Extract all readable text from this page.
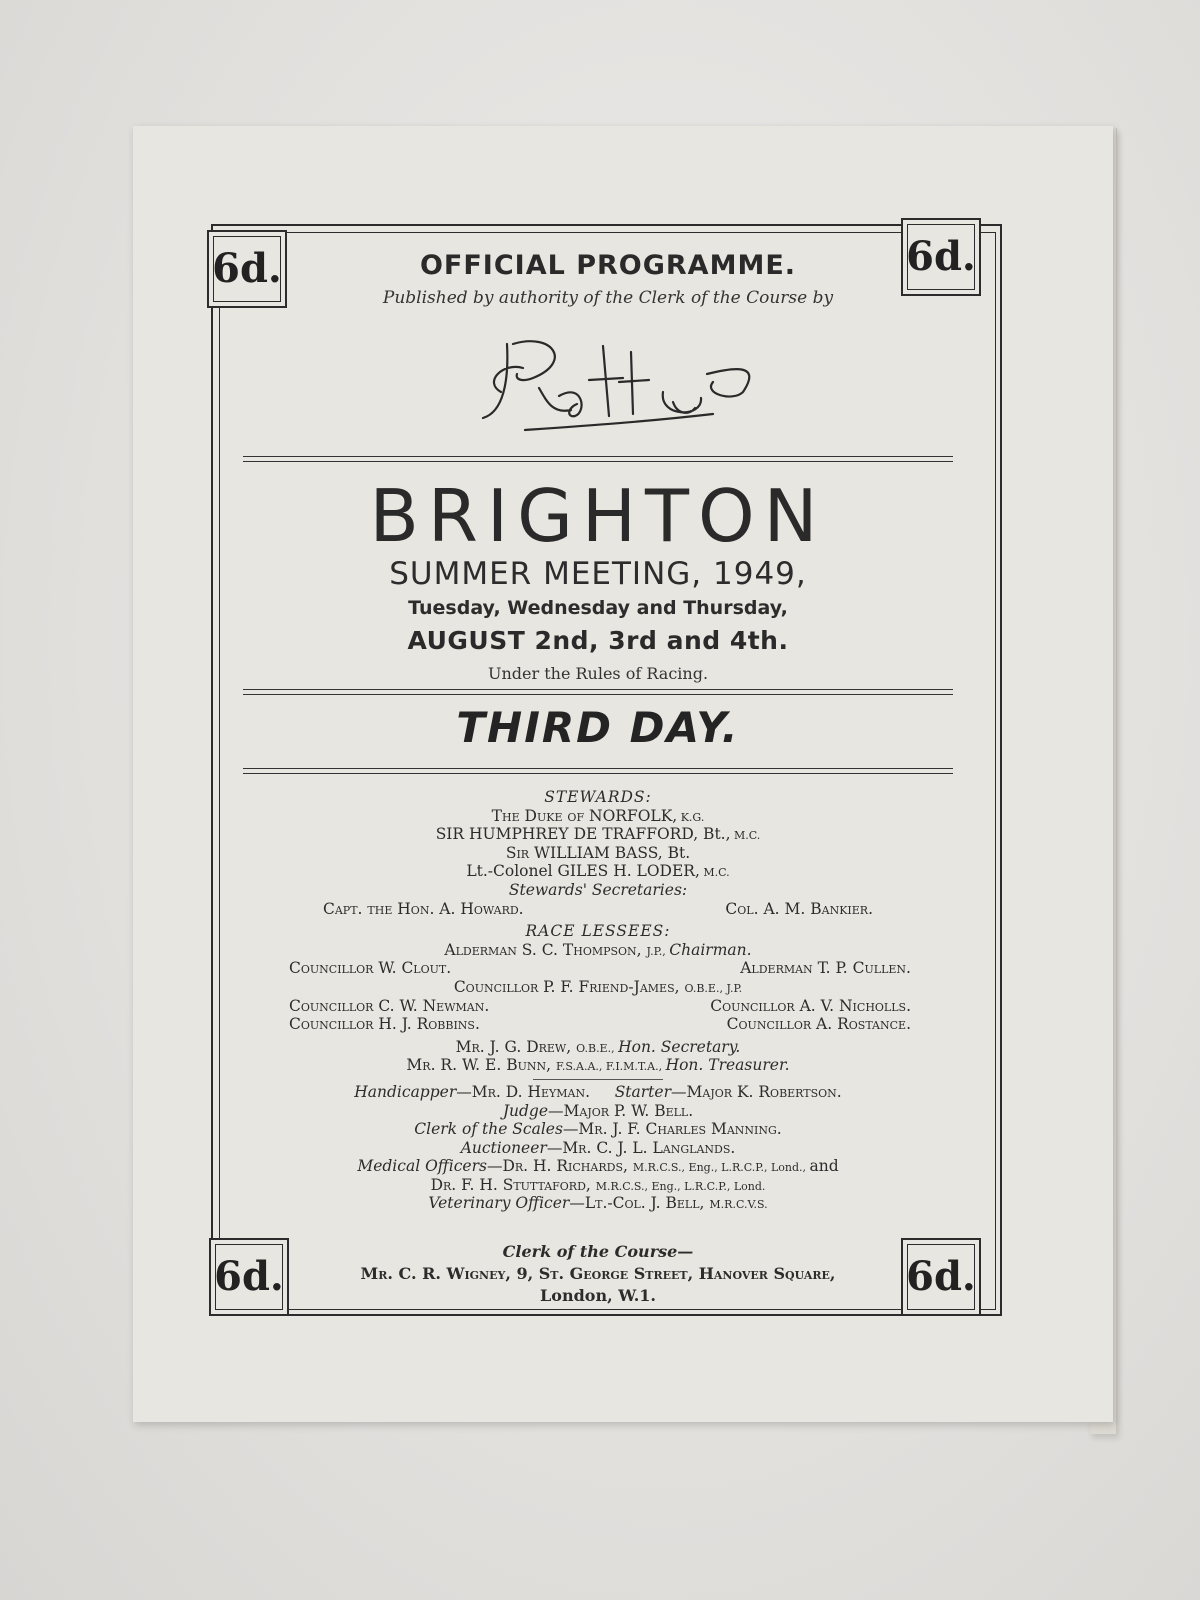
6d.	6d.
6d.	6d.
OFFICIAL PROGRAMME.
Published by authority of the Clerk of the Course by
BRIGHTON
SUMMER MEETING, 1949,
Tuesday, Wednesday and Thursday,
AUGUST 2nd, 3rd and 4th.
Under the Rules of Racing.
THIRD DAY.
STEWARDS:
The Duke of NORFOLK, K.G.
SIR HUMPHREY DE TRAFFORD, Bt., M.C.
Sir WILLIAM BASS, Bt.
Lt.-Colonel GILES H. LODER, M.C.
Stewards' Secretaries:
Capt. the Hon. A. Howard.	Col. A. M. Bankier.
RACE LESSEES:
Alderman S. C. Thompson, J.P., Chairman.
Councillor W. Clout.	Alderman T. P. Cullen.
Councillor P. F. Friend-James, O.B.E., J.P.
Councillor C. W. Newman.	Councillor A. V. Nicholls.
Councillor H. J. Robbins.	Councillor A. Rostance.
Mr. J. G. Drew, O.B.E., Hon. Secretary.
Mr. R. W. E. Bunn, F.S.A.A., F.I.M.T.A., Hon. Treasurer.
Handicapper—Mr. D. Heyman. Starter—Major K. Robertson.
Judge—Major P. W. Bell.
Clerk of the Scales—Mr. J. F. Charles Manning.
Auctioneer—Mr. C. J. L. Langlands.
Medical Officers—Dr. H. Richards, M.R.C.S., Eng., L.R.C.P., Lond., and
Dr. F. H. Stuttaford, M.R.C.S., Eng., L.R.C.P., Lond.
Veterinary Officer—Lt.-Col. J. Bell, M.R.C.V.S.
Clerk of the Course—
Mr. C. R. Wigney, 9, St. George Street, Hanover Square,
London, W.1.
